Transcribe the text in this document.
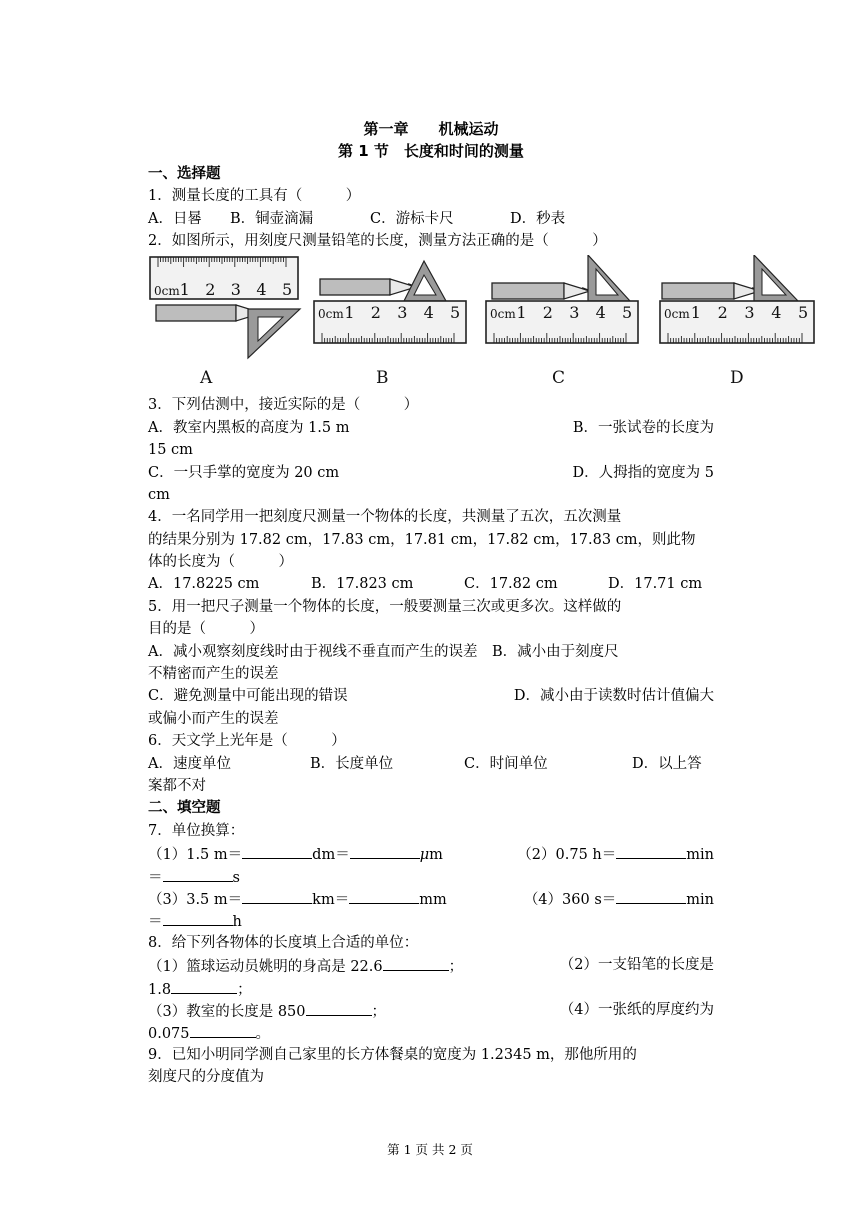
第一章　　机械运动
第 1 节　长度和时间的测量
一、选择题
1．测量长度的工具有（　　　）
A．日晷	B．铜壶滴漏	C．游标卡尺	D．秒表
2．如图所示，用刻度尺测量铅笔的长度，测量方法正确的是（　　　）
0cm 1 2 3 4 5
0cm 1 2 3 4 5 0cm 1 2 3 4 5	0cm 1 2 3 4 5
A	B	C	D
3．下列估测中，接近实际的是（　　　）
A．教室内黑板的高度为 1.5 m	B．一张试卷的长度为
15 cm
C．一只手掌的宽度为 20 cm	D．人拇指的宽度为 5
cm
4．一名同学用一把刻度尺测量一个物体的长度，共测量了五次，五次测量
的结果分别为 17.82 cm，17.83 cm，17.81 cm，17.82 cm，17.83 cm，则此物
体的长度为（　　　）
A．17.8225 cm	B．17.823 cm	C．17.82 cm	D．17.71 cm
5．用一把尺子测量一个物体的长度，一般要测量三次或更多次。这样做的
目的是（　　　）
A．减小观察刻度线时由于视线不垂直而产生的误差　B．减小由于刻度尺
不精密而产生的误差
C．避免测量中可能出现的错误	D．减小由于读数时估计值偏大
或偏小而产生的误差
6．天文学上光年是（　　　）
A．速度单位	B．长度单位	C．时间单位	D．以上答
案都不对
二、填空题
7．单位换算：
（1）1.5 m＝	dm＝	μm	（2）0.75 h＝	min
＝	s
（3）3.5 m＝	km＝	mm	（4）360 s＝	min
＝	h
8．给下列各物体的长度填上合适的单位：
（1）篮球运动员姚明的身高是 22.6	；	（2）一支铅笔的长度是
1.8	；
（3）教室的长度是 850	；	（4）一张纸的厚度约为
0.075	。
9．已知小明同学测自己家里的长方体餐桌的宽度为 1.2345 m，那他所用的
刻度尺的分度值为
第 1 页 共 2 页
